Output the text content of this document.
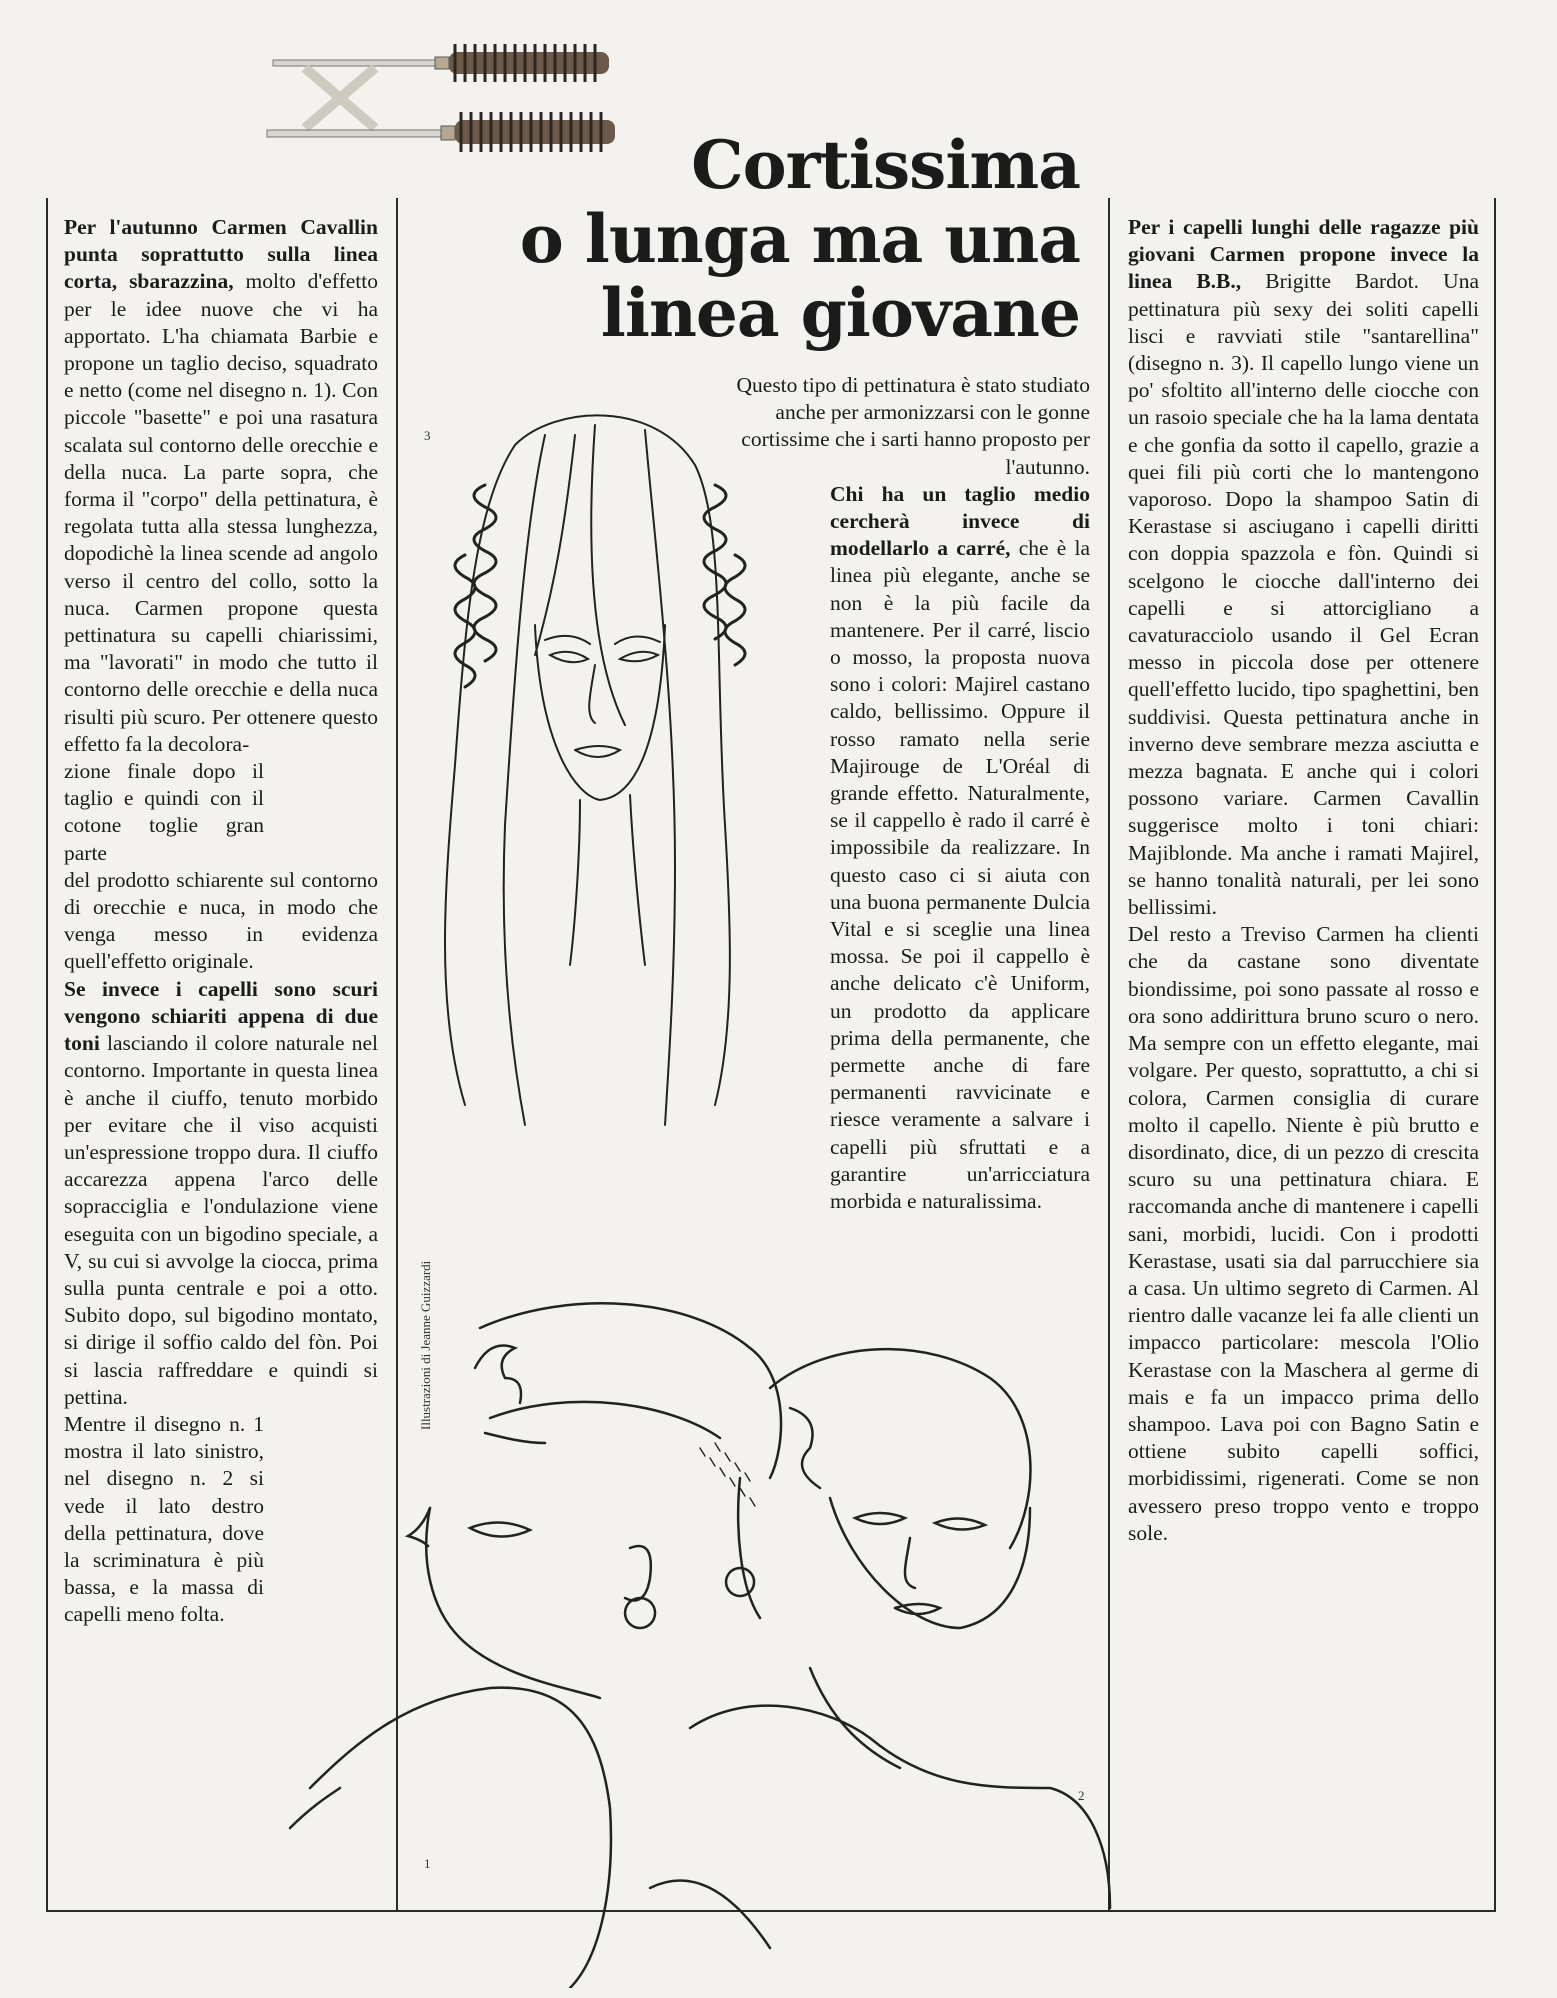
Cortissima
o lunga ma una
linea giovane
3
1
2
Illustrazioni di Jeanne Guizzardi

Per l'autunno Carmen Cavallin punta soprattutto sulla linea corta, sbarazzina, molto d'effetto per le idee nuove che vi ha apportato. L'ha chiamata Barbie e propone un taglio deciso, squadrato e netto (come nel disegno n. 1). Con piccole "basette" e poi una rasatura scalata sul contorno delle orecchie e della nuca. La parte sopra, che forma il "corpo" della pettinatura, è regolata tutta alla stessa lunghezza, dopodichè la linea scende ad angolo verso il centro del collo, sotto la nuca. Carmen propone questa pettinatura su capelli chiarissimi, ma "lavorati" in modo che tutto il contorno delle orecchie e della nuca risulti più scuro. Per ottenere questo effetto fa la decolora-

zione finale dopo il taglio e quindi con il cotone toglie gran parte

del prodotto schiarente sul contorno di orecchie e nuca, in modo che venga messo in evidenza quell'effetto originale.

Se invece i capelli sono scuri vengono schiariti appena di due toni lasciando il colore naturale nel contorno. Importante in questa linea è anche il ciuffo, tenuto morbido per evitare che il viso acquisti un'espressione troppo dura. Il ciuffo accarezza appena l'arco delle sopracciglia e l'ondulazione viene eseguita con un bigodino speciale, a V, su cui si avvolge la ciocca, prima sulla punta centrale e poi a otto. Subito dopo, sul bigodino montato, si dirige il soffio caldo del fòn. Poi si lascia raffreddare e quindi si pettina.

Mentre il disegno n. 1 mostra il lato sinistro, nel disegno n. 2 si vede il lato destro della pettinatura, dove la scriminatura è più bassa, e la massa di capelli meno folta.

Questo tipo di pettinatura è stato studiato anche per armonizzarsi con le gonne cortissime che i sarti hanno proposto per l'autunno.

Chi ha un taglio medio cercherà invece di modellarlo a carré, che è la linea più elegante, anche se non è la più facile da mantenere. Per il carré, liscio o mosso, la proposta nuova sono i colori: Majirel castano caldo, bellissimo. Oppure il rosso ramato nella serie Majirouge de L'Oréal di grande effetto. Naturalmente, se il cappello è rado il carré è impossibile da realizzare. In questo caso ci si aiuta con una buona permanente Dulcia Vital e si sceglie una linea mossa. Se poi il cappello è anche delicato c'è Uniform, un prodotto da applicare prima della permanente, che permette anche di fare permanenti ravvicinate e riesce veramente a salvare i capelli più sfruttati e a garantire un'arricciatura morbida e naturalissima.

Per i capelli lunghi delle ragazze più giovani Carmen propone invece la linea B.B., Brigitte Bardot. Una pettinatura più sexy dei soliti capelli lisci e ravviati stile "santarellina" (disegno n. 3). Il capello lungo viene un po' sfoltito all'interno delle ciocche con un rasoio speciale che ha la lama dentata e che gonfia da sotto il capello, grazie a quei fili più corti che lo mantengono vaporoso. Dopo la shampoo Satin di Kerastase si asciugano i capelli diritti con doppia spazzola e fòn. Quindi si scelgono le ciocche dall'interno dei capelli e si attorcigliano a cavaturacciolo usando il Gel Ecran messo in piccola dose per ottenere quell'effetto lucido, tipo spaghettini, ben suddivisi. Questa pettinatura anche in inverno deve sembrare mezza asciutta e mezza bagnata. E anche qui i colori possono variare. Carmen Cavallin suggerisce molto i toni chiari: Majiblonde. Ma anche i ramati Majirel, se hanno tonalità naturali, per lei sono bellissimi.

Del resto a Treviso Carmen ha clienti che da castane sono diventate biondissime, poi sono passate al rosso e ora sono addirittura bruno scuro o nero. Ma sempre con un effetto elegante, mai volgare. Per questo, soprattutto, a chi si colora, Carmen consiglia di curare molto il capello. Niente è più brutto e disordinato, dice, di un pezzo di crescita scuro su una pettinatura chiara. E raccomanda anche di mantenere i capelli sani, morbidi, lucidi. Con i prodotti Kerastase, usati sia dal parrucchiere sia a casa. Un ultimo segreto di Carmen. Al rientro dalle vacanze lei fa alle clienti un impacco particolare: mescola l'Olio Kerastase con la Maschera al germe di mais e fa un impacco prima dello shampoo. Lava poi con Bagno Satin e ottiene subito capelli soffici, morbidissimi, rigenerati. Come se non avessero preso troppo vento e troppo sole.
